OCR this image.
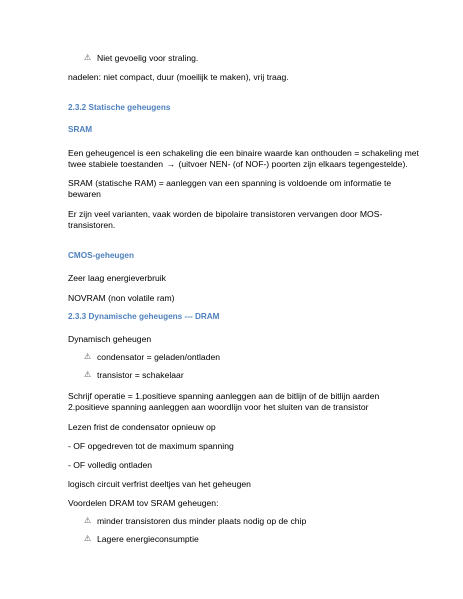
⚠ Niet gevoelig voor straling.

nadelen: niet compact, duur (moeilijk te maken), vrij traag.

2.3.2 Statische geheugens

SRAM

Een geheugencel is een schakeling die een binaire waarde kan onthouden = schakeling met

twee stabiele toestanden → (uitvoer NEN- (of NOF-) poorten zijn elkaars tegengestelde).

SRAM (statische RAM) = aanleggen van een spanning is voldoende om informatie te

bewaren

Er zijn veel varianten, vaak worden de bipolaire transistoren vervangen door MOS-

transistoren.

CMOS-geheugen

Zeer laag energieverbruik

NOVRAM (non volatile ram)

2.3.3 Dynamische geheugens --- DRAM

Dynamisch geheugen

⚠ condensator = geladen/ontladen
⚠ transistor = schakelaar

Schrijf operatie = 1.positieve spanning aanleggen aan de bitlijn of de bitlijn aarden

2.positieve spanning aanleggen aan woordlijn voor het sluiten van de transistor

Lezen frist de condensator opnieuw op

- OF opgedreven tot de maximum spanning

- OF volledig ontladen

logisch circuit verfrist deeltjes van het geheugen

Voordelen DRAM tov SRAM geheugen:

⚠ minder transistoren dus minder plaats nodig op de chip
⚠ Lagere energieconsumptie
